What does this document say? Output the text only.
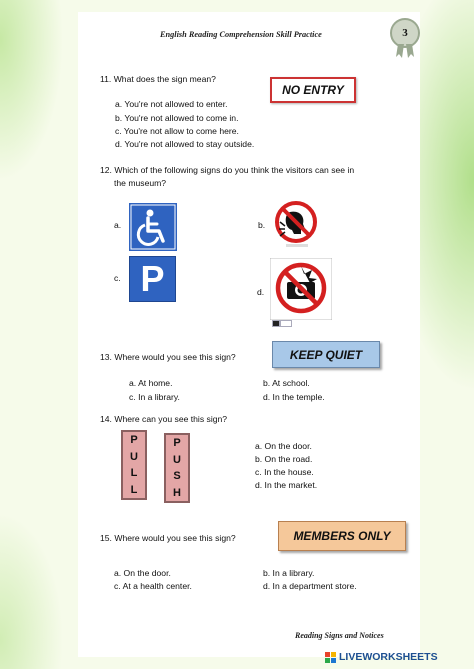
English Reading Comprehension Skill Practice	3
11. What does the sign mean?
NO ENTRY
a. You're not allowed to enter.
b. You're not allowed to come in.
c. You're not allow to come here.
d. You're not allowed to stay outside.
12. Which of the following signs do you think the visitors can see in
the museum?
a.	b.
c. P	d.
13. Where would you see this sign?	KEEP QUIET
a. At home.	b. At school.
c. In a library.	d. In the temple.
14. Where can you see this sign?
P
U
L
L
P
U
S
H
a. On the door.
b. On the road.
c. In the house.
d. In the market.
15. Where would you see this sign?	MEMBERS ONLY
a. On the door.	b. In a library.
c. At a health center.	d. In a department store.
Reading Signs and Notices
LIVEWORKSHEETS
